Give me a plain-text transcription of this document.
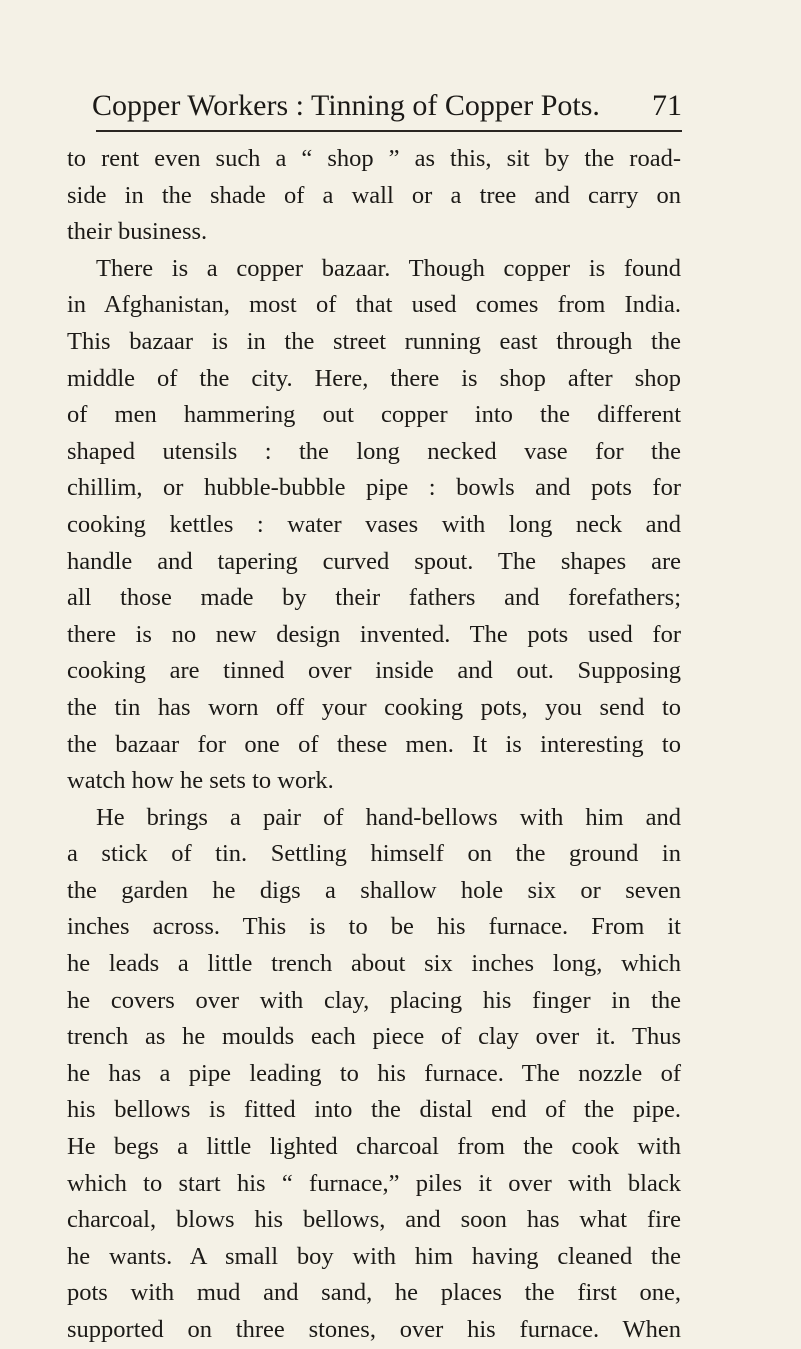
Copper Workers : Tinning of Copper Pots. 71
to rent even such a “ shop ” as this, sit by the road-
side in the shade of a wall or a tree and carry on
their business.
There is a copper bazaar. Though copper is found
in Afghanistan, most of that used comes from India.
This bazaar is in the street running east through the
middle of the city. Here, there is shop after shop
of men hammering out copper into the different
shaped utensils : the long necked vase for the
chillim, or hubble-bubble pipe : bowls and pots for
cooking kettles : water vases with long neck and
handle and tapering curved spout. The shapes are
all those made by their fathers and forefathers;
there is no new design invented. The pots used for
cooking are tinned over inside and out. Supposing
the tin has worn off your cooking pots, you send to
the bazaar for one of these men. It is interesting to
watch how he sets to work.
He brings a pair of hand-bellows with him and
a stick of tin. Settling himself on the ground in
the garden he digs a shallow hole six or seven
inches across. This is to be his furnace. From it
he leads a little trench about six inches long, which
he covers over with clay, placing his finger in the
trench as he moulds each piece of clay over it. Thus
he has a pipe leading to his furnace. The nozzle of
his bellows is fitted into the distal end of the pipe.
He begs a little lighted charcoal from the cook with
which to start his “ furnace,” piles it over with black
charcoal, blows his bellows, and soon has what fire
he wants. A small boy with him having cleaned the
pots with mud and sand, he places the first one,
supported on three stones, over his furnace. When
